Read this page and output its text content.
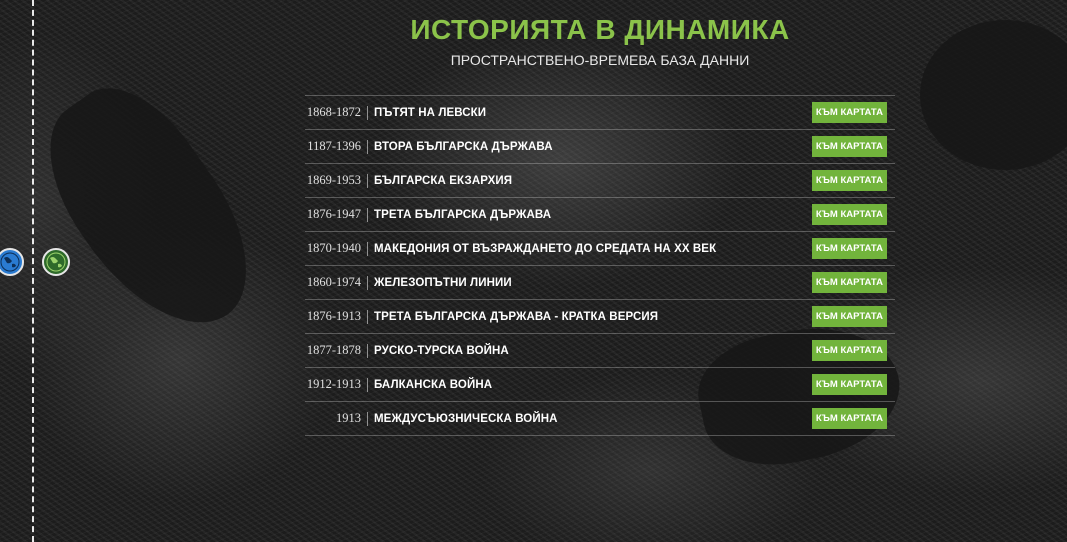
ИСТОРИЯТА В ДИНАМИКА
ПРОСТРАНСТВЕНО-ВРЕМЕВА БАЗА ДАННИ
1868-1872	ПЪТЯТ НА ЛЕВСКИ	КЪМ КАРТАТА
1187-1396	ВТОРА БЪЛГАРСКА ДЪРЖАВА	КЪМ КАРТАТА
1869-1953	БЪЛГАРСКА ЕКЗАРХИЯ	КЪМ КАРТАТА
1876-1947	ТРЕТА БЪЛГАРСКА ДЪРЖАВА	КЪМ КАРТАТА
1870-1940	МАКЕДОНИЯ ОТ ВЪЗРАЖДАНЕТО ДО СРЕДАТА НА XX ВЕК	КЪМ КАРТАТА
1860-1974	ЖЕЛЕЗОПЪТНИ ЛИНИИ	КЪМ КАРТАТА
1876-1913	ТРЕТА БЪЛГАРСКА ДЪРЖАВА - КРАТКА ВЕРСИЯ	КЪМ КАРТАТА
1877-1878	РУСКО-ТУРСКА ВОЙНА	КЪМ КАРТАТА
1912-1913	БАЛКАНСКА ВОЙНА	КЪМ КАРТАТА
1913	МЕЖДУСЪЮЗНИЧЕСКА ВОЙНА	КЪМ КАРТАТА
